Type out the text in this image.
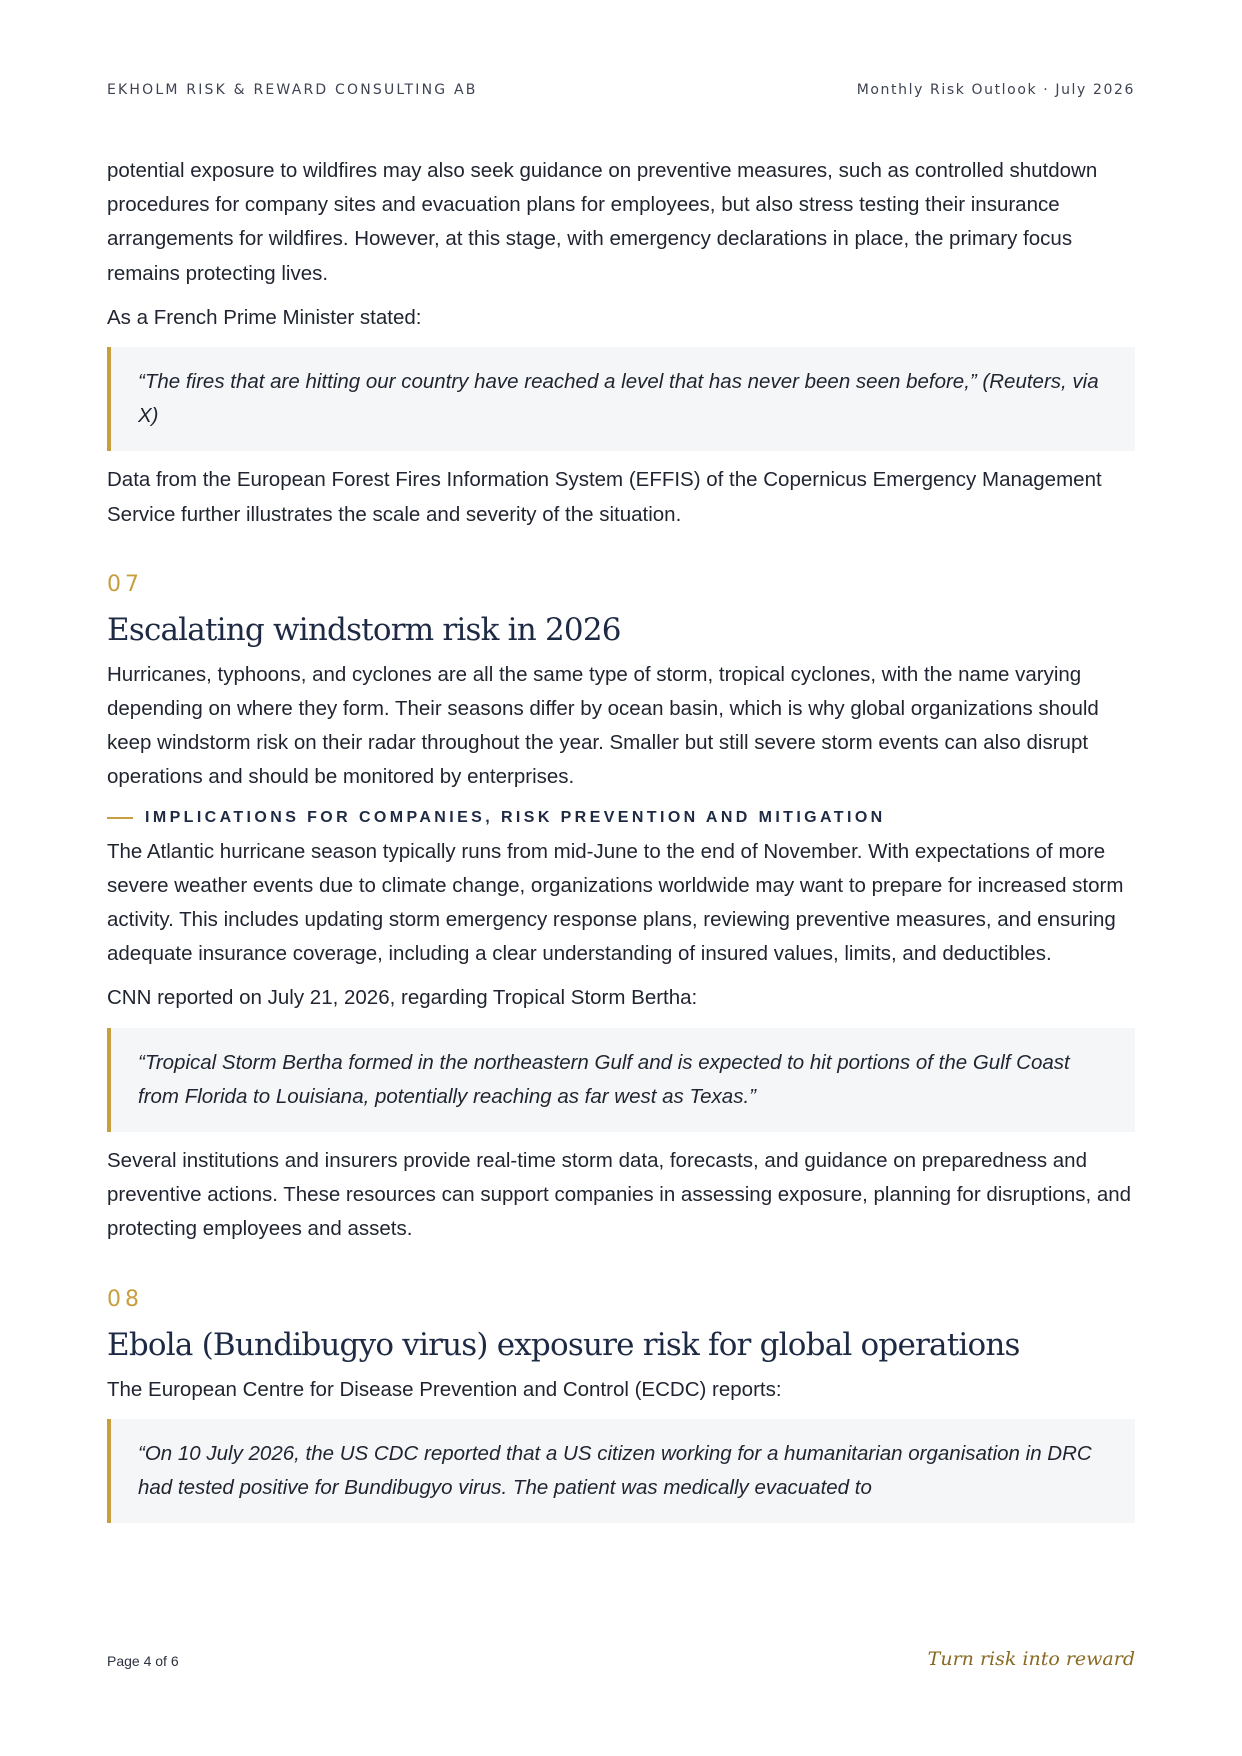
EKHOLM RISK & REWARD CONSULTING AB	Monthly Risk Outlook · July 2026

potential exposure to wildfires may also seek guidance on preventive measures, such as controlled shutdown procedures for company sites and evacuation plans for employees, but also stress testing their insurance arrangements for wildfires. However, at this stage, with emergency declarations in place, the primary focus remains protecting lives.

As a French Prime Minister stated:

“The fires that are hitting our country have reached a level that has never been seen before,” (Reuters, via X)

Data from the European Forest Fires Information System (EFFIS) of the Copernicus Emergency Management Service further illustrates the scale and severity of the situation.

07
Escalating windstorm risk in 2026

Hurricanes, typhoons, and cyclones are all the same type of storm, tropical cyclones, with the name varying depending on where they form. Their seasons differ by ocean basin, which is why global organizations should keep windstorm risk on their radar throughout the year. Smaller but still severe storm events can also disrupt operations and should be monitored by enterprises.

IMPLICATIONS FOR COMPANIES, RISK PREVENTION AND MITIGATION

The Atlantic hurricane season typically runs from mid-June to the end of November. With expectations of more severe weather events due to climate change, organizations worldwide may want to prepare for increased storm activity. This includes updating storm emergency response plans, reviewing preventive measures, and ensuring adequate insurance coverage, including a clear understanding of insured values, limits, and deductibles.

CNN reported on July 21, 2026, regarding Tropical Storm Bertha:

“Tropical Storm Bertha formed in the northeastern Gulf and is expected to hit portions of the Gulf Coast from Florida to Louisiana, potentially reaching as far west as Texas.”

Several institutions and insurers provide real-time storm data, forecasts, and guidance on preparedness and preventive actions. These resources can support companies in assessing exposure, planning for disruptions, and protecting employees and assets.

08
Ebola (Bundibugyo virus) exposure risk for global operations

The European Centre for Disease Prevention and Control (ECDC) reports:

“On 10 July 2026, the US CDC reported that a US citizen working for a humanitarian organisation in DRC had tested positive for Bundibugyo virus. The patient was medically evacuated to
Page 4 of 6	Turn risk into reward
